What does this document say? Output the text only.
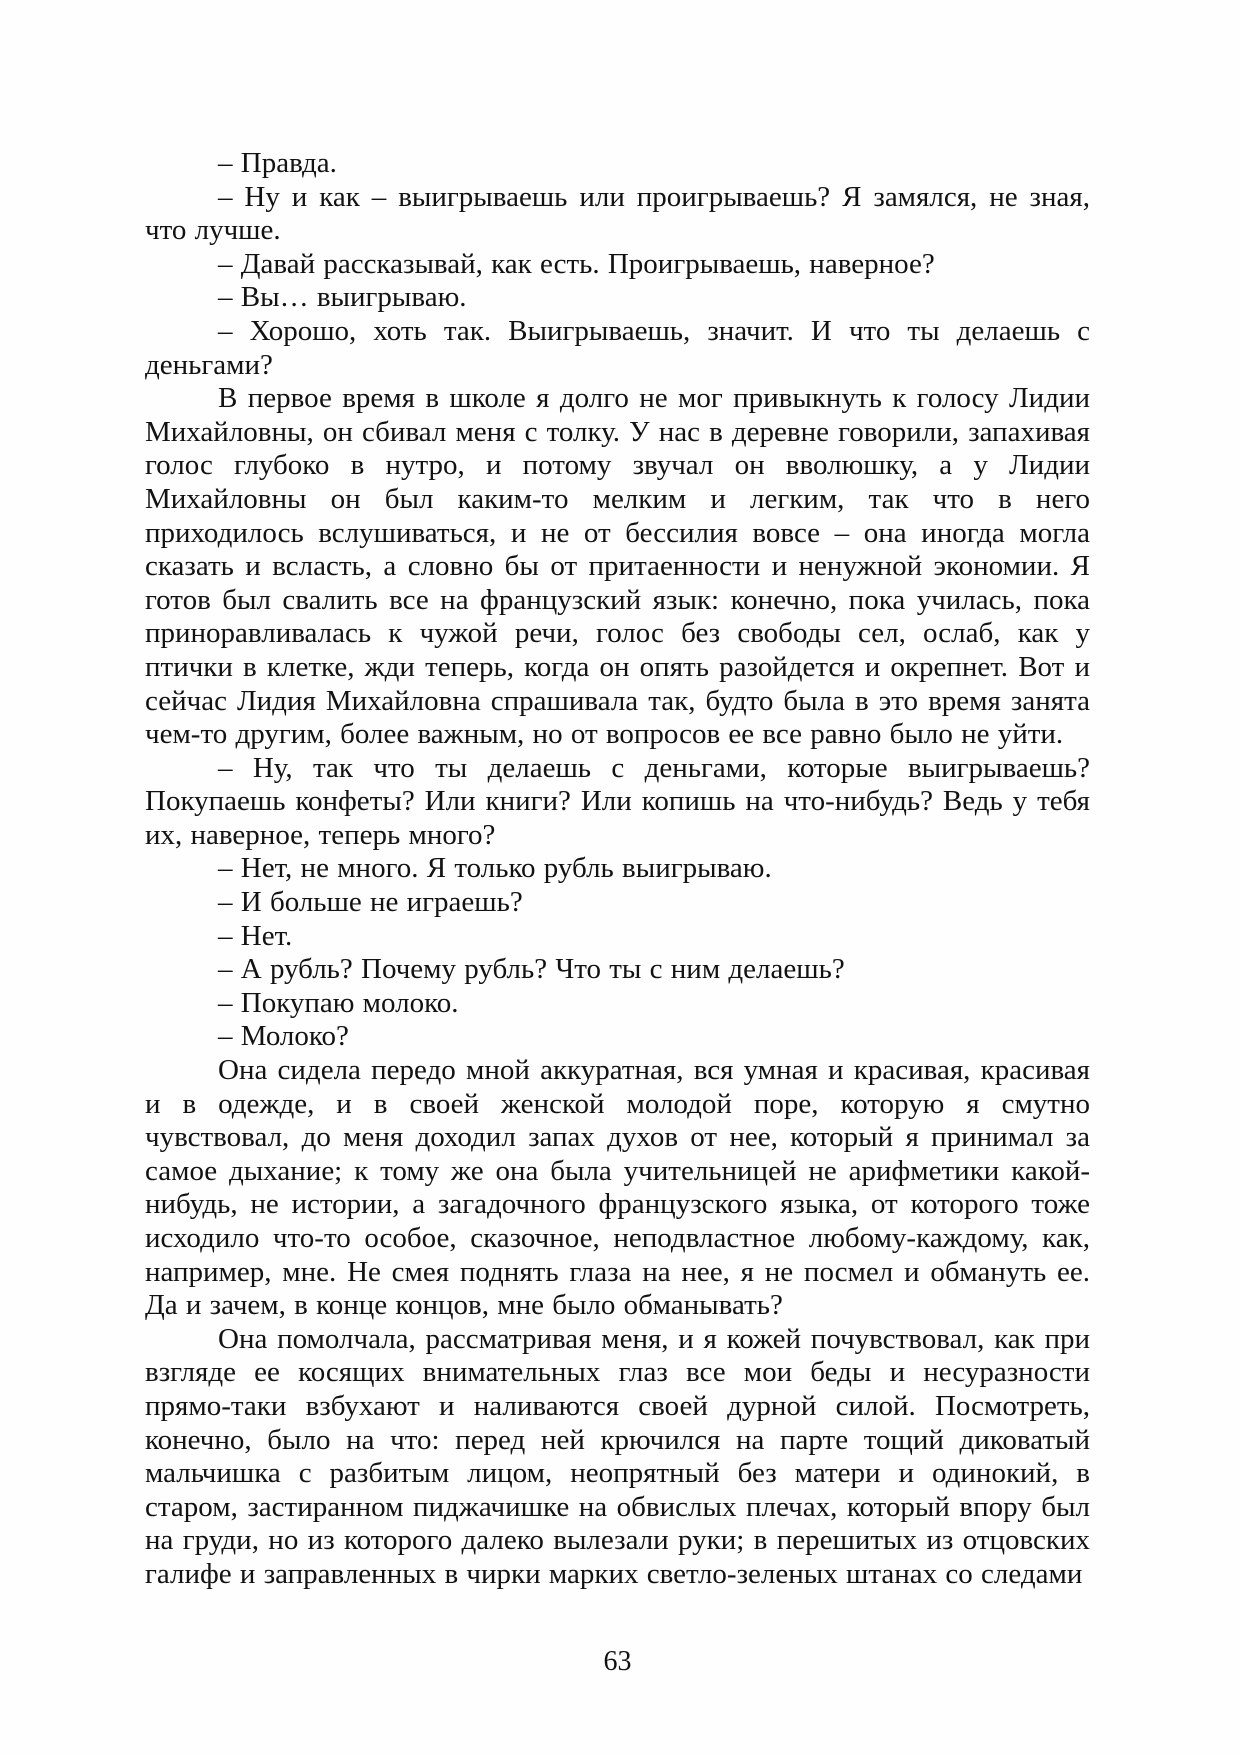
– Правда.

– Ну и как – выигрываешь или проигрываешь? Я замялся, не зная, что лучше.

– Давай рассказывай, как есть. Проигрываешь, наверное?

– Вы… выигрываю.

– Хорошо, хоть так. Выигрываешь, значит. И что ты делаешь с деньгами?

В первое время в школе я долго не мог привыкнуть к голосу Лидии Михайловны, он сбивал меня с толку. У нас в деревне говорили, запахивая голос глубоко в нутро, и потому звучал он вволюшку, а у Лидии Михайловны он был каким-то мелким и легким, так что в него приходилось вслушиваться, и не от бессилия вовсе – она иногда могла сказать и всласть, а словно бы от притаенности и ненужной экономии. Я готов был свалить все на французский язык: конечно, пока училась, пока приноравливалась к чужой речи, голос без свободы сел, ослаб, как у птички в клетке, жди теперь, когда он опять разойдется и окрепнет. Вот и сейчас Лидия Михайловна спрашивала так, будто была в это время занята чем-то другим, более важным, но от вопросов ее все равно было не уйти.

– Ну, так что ты делаешь с деньгами, которые выигрываешь? Покупаешь конфеты? Или книги? Или копишь на что-нибудь? Ведь у тебя их, наверное, теперь много?

– Нет, не много. Я только рубль выигрываю.

– И больше не играешь?

– Нет.

– А рубль? Почему рубль? Что ты с ним делаешь?

– Покупаю молоко.

– Молоко?

Она сидела передо мной аккуратная, вся умная и красивая, красивая и в одежде, и в своей женской молодой поре, которую я смутно чувствовал, до меня доходил запах духов от нее, который я принимал за самое дыхание; к тому же она была учительницей не арифметики какой-нибудь, не истории, а загадочного французского языка, от которого тоже исходило что-то особое, сказочное, неподвластное любому-каждому, как, например, мне. Не смея поднять глаза на нее, я не посмел и обмануть ее. Да и зачем, в конце концов, мне было обманывать?

Она помолчала, рассматривая меня, и я кожей почувствовал, как при взгляде ее косящих внимательных глаз все мои беды и несуразности прямо-таки взбухают и наливаются своей дурной силой. Посмотреть, конечно, было на что: перед ней крючился на парте тощий диковатый мальчишка с разбитым лицом, неопрятный без матери и одинокий, в старом, застиранном пиджачишке на обвислых плечах, который впору был на груди, но из которого далеко вылезали руки; в перешитых из отцовских галифе и заправленных в чирки марких светло-зеленых штанах со следами

63
